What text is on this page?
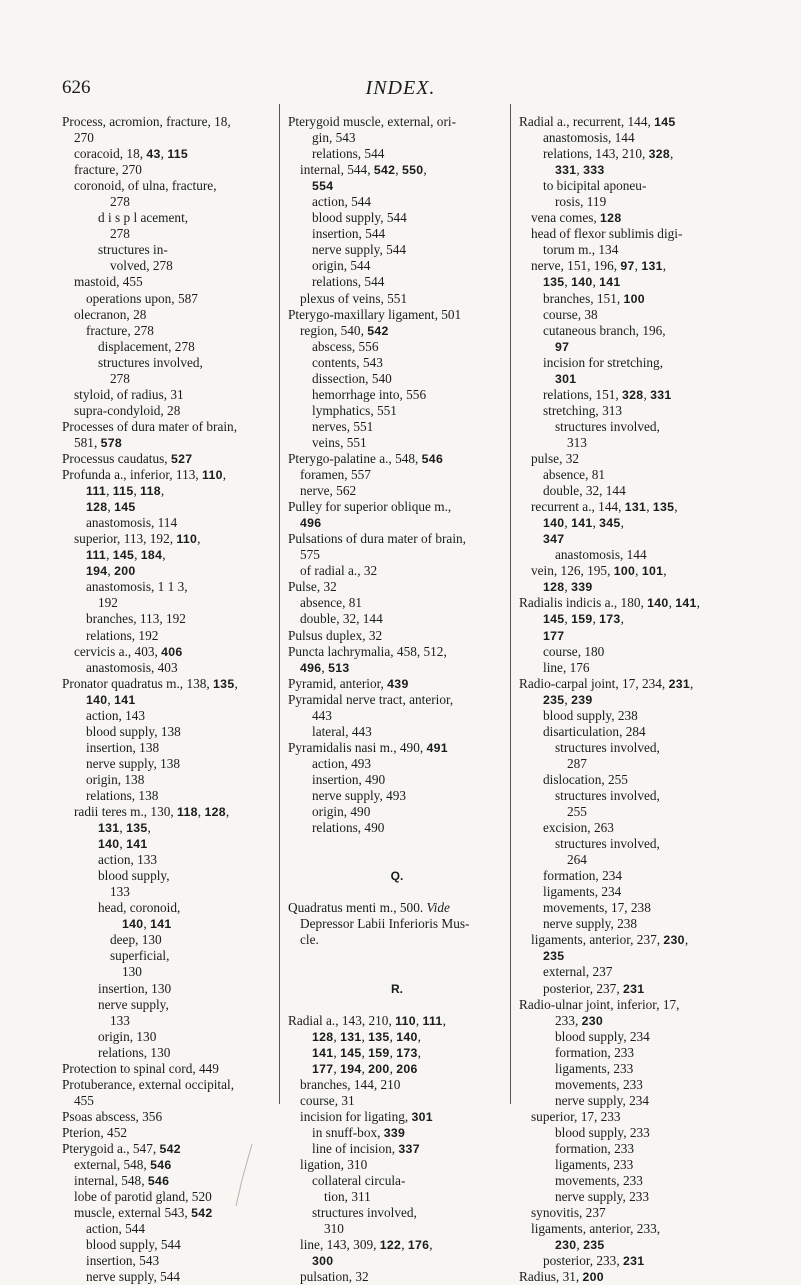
626	INDEX.
Process, acromion, fracture, 18,
270
coracoid, 18, 43, 115
fracture, 270
coronoid, of ulna, fracture,
278
d i s p l acement,
278
structures in-
volved, 278
mastoid, 455
operations upon, 587
olecranon, 28
fracture, 278
displacement, 278
structures involved,
278
styloid, of radius, 31
supra-condyloid, 28
Processes of dura mater of brain,
581, 578
Processus caudatus, 527
Profunda a., inferior, 113, 110,
111, 115, 118,
128, 145
anastomosis, 114
superior, 113, 192, 110,
111, 145, 184,
194, 200
anastomosis, 1 1 3,
192
branches, 113, 192
relations, 192
cervicis a., 403, 406
anastomosis, 403
Pronator quadratus m., 138, 135,
140, 141
action, 143
blood supply, 138
insertion, 138
nerve supply, 138
origin, 138
relations, 138
radii teres m., 130, 118, 128,
131, 135,
140, 141
action, 133
blood supply,
133
head, coronoid,
140, 141
deep, 130
superficial,
130
insertion, 130
nerve supply,
133
origin, 130
relations, 130
Protection to spinal cord, 449
Protuberance, external occipital,
455
Psoas abscess, 356
Pterion, 452
Pterygoid a., 547, 542
external, 548, 546
internal, 548, 546
lobe of parotid gland, 520
muscle, external 543, 542
action, 544
blood supply, 544
insertion, 543
nerve supply, 544
Pterygoid muscle, external, ori-
gin, 543
relations, 544
internal, 544, 542, 550,
554
action, 544
blood supply, 544
insertion, 544
nerve supply, 544
origin, 544
relations, 544
plexus of veins, 551
Pterygo-maxillary ligament, 501
region, 540, 542
abscess, 556
contents, 543
dissection, 540
hemorrhage into, 556
lymphatics, 551
nerves, 551
veins, 551
Pterygo-palatine a., 548, 546
foramen, 557
nerve, 562
Pulley for superior oblique m.,
496
Pulsations of dura mater of brain,
575
of radial a., 32
Pulse, 32
absence, 81
double, 32, 144
Pulsus duplex, 32
Puncta lachrymalia, 458, 512,
496, 513
Pyramid, anterior, 439
Pyramidal nerve tract, anterior,
443
lateral, 443
Pyramidalis nasi m., 490, 491
action, 493
insertion, 490
nerve supply, 493
origin, 490
relations, 490

Q.

Quadratus menti m., 500. Vide
Depressor Labii Inferioris Mus-
cle.

R.

Radial a., 143, 210, 110, 111,
128, 131, 135, 140,
141, 145, 159, 173,
177, 194, 200, 206
branches, 144, 210
course, 31
incision for ligating, 301
in snuff-box, 339
line of incision, 337
ligation, 310
collateral circula-
tion, 311
structures involved,
310
line, 143, 309, 122, 176,
300
pulsation, 32
Radial a., recurrent, 144, 145
anastomosis, 144
relations, 143, 210, 328,
331, 333
to bicipital aponeu-
rosis, 119
vena comes, 128
head of flexor sublimis digi-
torum m., 134
nerve, 151, 196, 97, 131,
135, 140, 141
branches, 151, 100
course, 38
cutaneous branch, 196,
97
incision for stretching,
301
relations, 151, 328, 331
stretching, 313
structures involved,
313
pulse, 32
absence, 81
double, 32, 144
recurrent a., 144, 131, 135,
140, 141, 345,
347
anastomosis, 144
vein, 126, 195, 100, 101,
128, 339
Radialis indicis a., 180, 140, 141,
145, 159, 173,
177
course, 180
line, 176
Radio-carpal joint, 17, 234, 231,
235, 239
blood supply, 238
disarticulation, 284
structures involved,
287
dislocation, 255
structures involved,
255
excision, 263
structures involved,
264
formation, 234
ligaments, 234
movements, 17, 238
nerve supply, 238
ligaments, anterior, 237, 230,
235
external, 237
posterior, 237, 231
Radio-ulnar joint, inferior, 17,
233, 230
blood supply, 234
formation, 233
ligaments, 233
movements, 233
nerve supply, 234
superior, 17, 233
blood supply, 233
formation, 233
ligaments, 233
movements, 233
nerve supply, 233
synovitis, 237
ligaments, anterior, 233,
230, 235
posterior, 233, 231
Radius, 31, 200
